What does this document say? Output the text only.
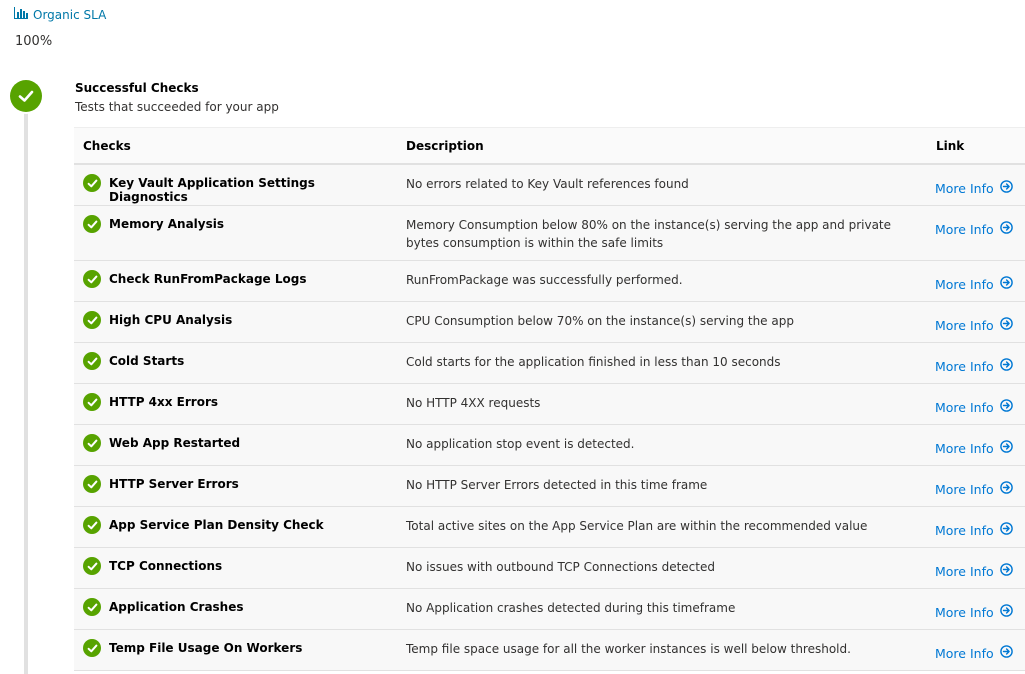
Organic SLA
100%
Successful Checks
Tests that succeeded for your app
Checks	Description	Link

Key Vault Application Settings Diagnostics	No errors related to Key Vault references found	More Info

Memory Analysis	Memory Consumption below 80% on the instance(s) serving the app and private bytes consumption is within the safe limits	More Info

Check RunFromPackage Logs	RunFromPackage was successfully performed.	More Info

High CPU Analysis	CPU Consumption below 70% on the instance(s) serving the app	More Info

Cold Starts	Cold starts for the application finished in less than 10 seconds	More Info

HTTP 4xx Errors	No HTTP 4XX requests	More Info

Web App Restarted	No application stop event is detected.	More Info

HTTP Server Errors	No HTTP Server Errors detected in this time frame	More Info

App Service Plan Density Check	Total active sites on the App Service Plan are within the recommended value	More Info

TCP Connections	No issues with outbound TCP Connections detected	More Info

Application Crashes	No Application crashes detected during this timeframe	More Info

Temp File Usage On Workers	Temp file space usage for all the worker instances is well below threshold.	More Info
